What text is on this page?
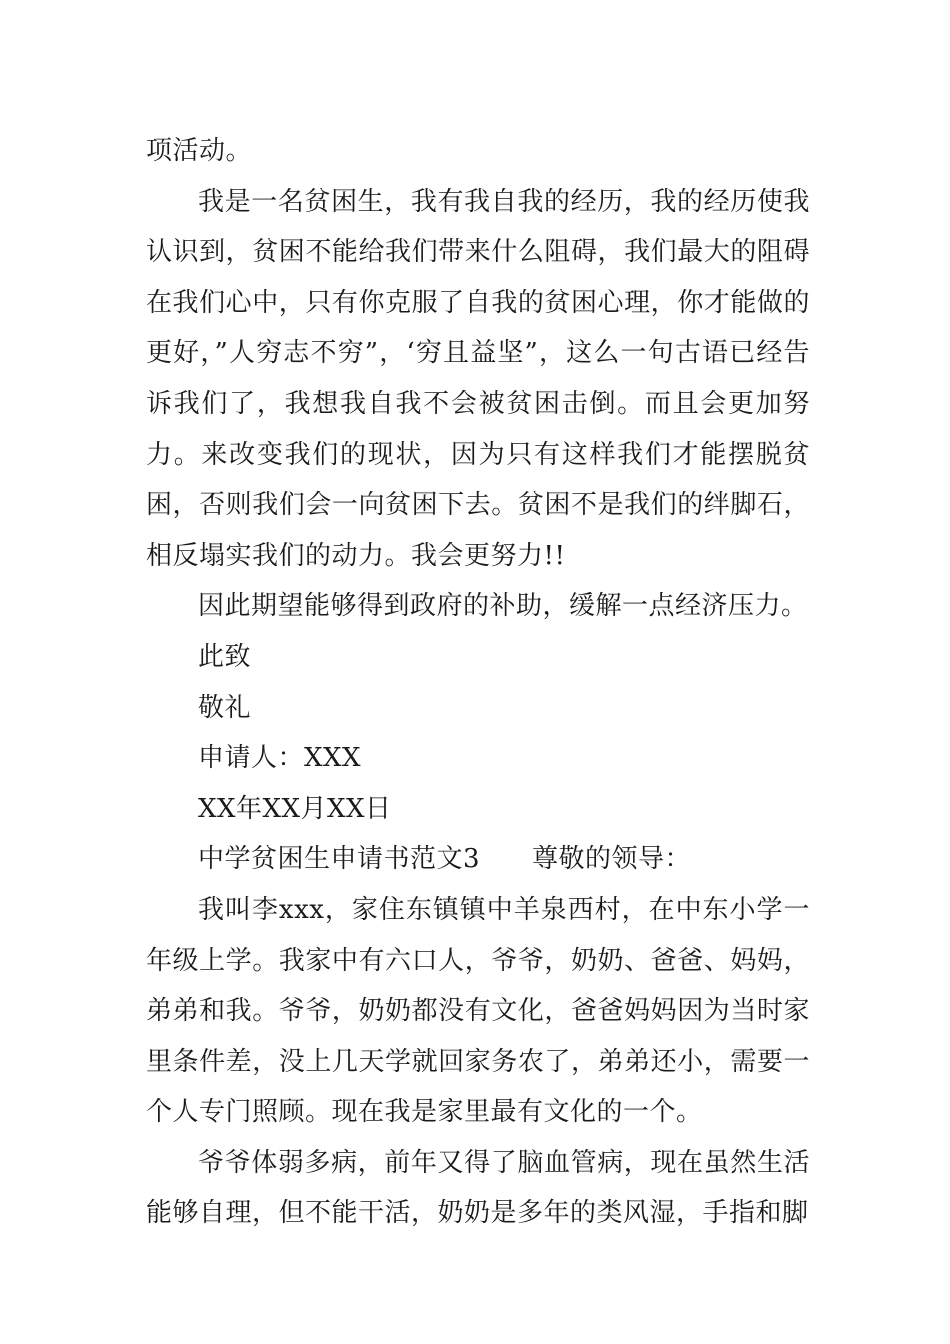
项活动。

我是一名贫困生，我有我自我的经历，我的经历使我认识到，贫困不能给我们带来什么阻碍，我们最大的阻碍在我们心中，只有你克服了自我的贫困心理，你才能做的更好，”人穷志不穷”，‘穷且益坚”，这么一句古语已经告诉我们了，我想我自我不会被贫困击倒。而且会更加努力。来改变我们的现状，因为只有这样我们才能摆脱贫困，否则我们会一向贫困下去。贫困不是我们的绊脚石，相反塌实我们的动力。我会更努力!!

因此期望能够得到政府的补助，缓解一点经济压力。

此致

敬礼

申请人：XXX

XX年XX月XX日

中学贫困生申请书范文3 尊敬的领导：

我叫李xxx，家住东镇镇中羊泉西村，在中东小学一年级上学。我家中有六口人，爷爷，奶奶、爸爸、妈妈，弟弟和我。爷爷，奶奶都没有文化，爸爸妈妈因为当时家里条件差，没上几天学就回家务农了，弟弟还小，需要一个人专门照顾。现在我是家里最有文化的一个。

爷爷体弱多病，前年又得了脑血管病，现在虽然生活能够自理，但不能干活，奶奶是多年的类风湿，手指和脚
